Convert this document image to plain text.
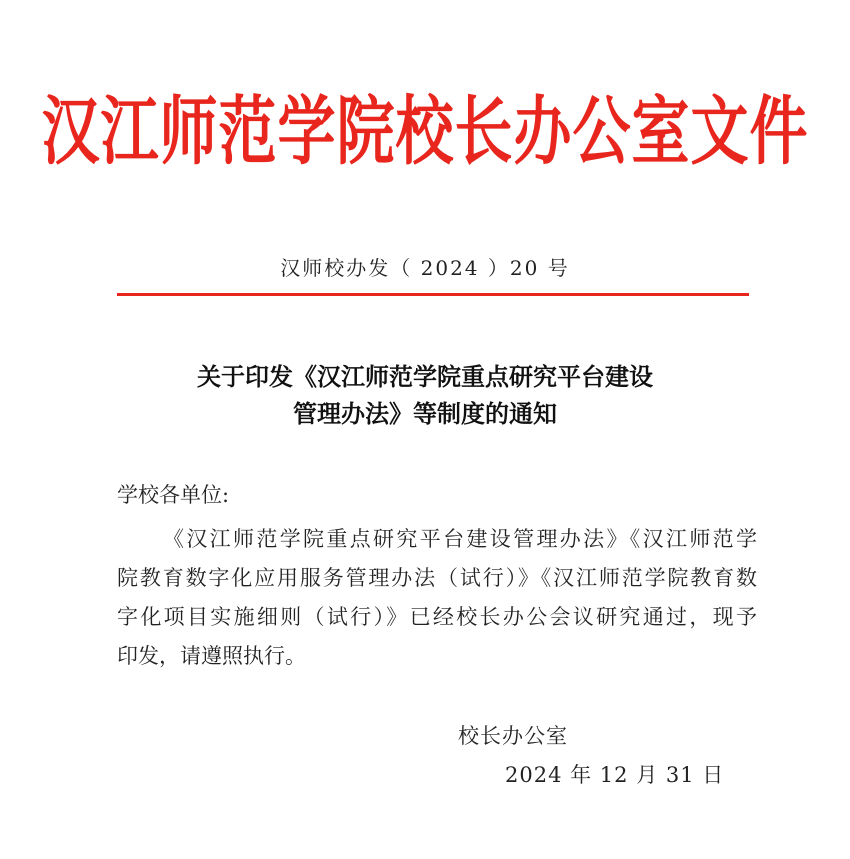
汉江师范学院校长办公室文件
汉师校办发（ 2024 ）20 号
关于印发《汉江师范学院重点研究平台建设
管理办法》等制度的通知
学校各单位:
《汉江师范学院重点研究平台建设管理办法》《汉江师范学
院教育数字化应用服务管理办法（试行）》《汉江师范学院教育数
字化项目实施细则（试行）》已经校长办公会议研究通过，现予
印发，请遵照执行。
校长办公室
2024 年 12 月 31 日
